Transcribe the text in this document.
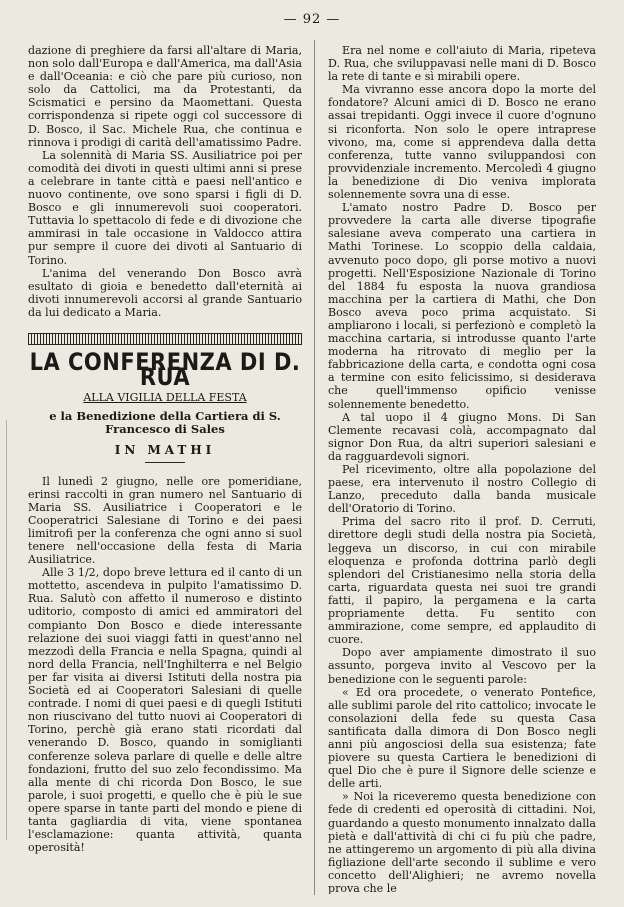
— 92 —

dazione di preghiere da farsi all'altare di Maria, non solo dall'Europa e dall'America, ma dall'Asia e dall'Oceania: e ciò che pare più curioso, non solo da Cattolici, ma da Protestanti, da Scismatici e persino da Maomettani. Questa corrispondenza si ripete oggi col successore di D. Bosco, il Sac. Michele Rua, che continua e rinnova i prodigi di carità dell'amatissimo Padre.

La solennità di Maria SS. Ausiliatrice poi per comodità dei divoti in questi ultimi anni si prese a celebrare in tante città e paesi nell'antico e nuovo continente, ove sono sparsi i figli di D. Bosco e gli innumerevoli suoi cooperatori. Tuttavia lo spettacolo di fede e di divozione che ammirasi in tale occasione in Valdocco attira pur sempre il cuore dei divoti al Santuario di Torino.

L'anima del venerando Don Bosco avrà esultato di gioia e benedetto dall'eternità ai divoti innumerevoli accorsi al grande Santuario da lui dedicato a Maria.

LA CONFERENZA DI D. RUA
ALLA VIGILIA DELLA FESTA
e la Benedizione della Cartiera di S. Francesco di Sales
IN MATHI

Il lunedì 2 giugno, nelle ore pomeridiane, erinsi raccolti in gran numero nel Santuario di Maria SS. Ausiliatrice i Cooperatori e le Cooperatrici Salesiane di Torino e dei paesi limitrofi per la conferenza che ogni anno si suol tenere nell'occasione della festa di Maria Ausiliatrice.

Alle 3 1/2, dopo breve lettura ed il canto di un mottetto, ascendeva in pulpito l'amatissimo D. Rua. Salutò con affetto il numeroso e distinto uditorio, composto di amici ed ammiratori del compianto Don Bosco e diede interessante relazione dei suoi viaggi fatti in quest'anno nel mezzodì della Francia e nella Spagna, quindi al nord della Francia, nell'Inghilterra e nel Belgio per far visita ai diversi Istituti della nostra pia Società ed ai Cooperatori Salesiani di quelle contrade. I nomi di quei paesi e di quegli Istituti non riuscivano del tutto nuovi ai Cooperatori di Torino, perchè già erano stati ricordati dal venerando D. Bosco, quando in somiglianti conferenze soleva parlare di quelle e delle altre fondazioni, frutto del suo zelo fecondissimo. Ma alla mente di chi ricorda Don Bosco, le sue parole, i suoi progetti, e quello che è più le sue opere sparse in tante parti del mondo e piene di tanta gagliardia di vita, viene spontanea l'esclamazione: quanta attività, quanta operosità!

Era nel nome e coll'aiuto di Maria, ripeteva D. Rua, che sviluppavasi nelle mani di D. Bosco la rete di tante e sì mirabili opere.

Ma vivranno esse ancora dopo la morte del fondatore? Alcuni amici di D. Bosco ne erano assai trepidanti. Oggi invece il cuore d'ognuno si riconforta. Non solo le opere intraprese vivono, ma, come si apprendeva dalla detta conferenza, tutte vanno sviluppandosi con provvidenziale incremento. Mercoledì 4 giugno la benedizione di Dio veniva implorata solennemente sovra una di esse.

L'amato nostro Padre D. Bosco per provvedere la carta alle diverse tipografie salesiane aveva comperato una cartiera in Mathi Torinese. Lo scoppio della caldaia, avvenuto poco dopo, gli porse motivo a nuovi progetti. Nell'Esposizione Nazionale di Torino del 1884 fu esposta la nuova grandiosa macchina per la cartiera di Mathi, che Don Bosco aveva poco prima acquistato. Si ampliarono i locali, si perfezionò e completò la macchina cartaria, si introdusse quanto l'arte moderna ha ritrovato di meglio per la fabbricazione della carta, e condotta ogni cosa a termine con esito felicissimo, si desiderava che quell'immenso opificio venisse solennemente benedetto.

A tal uopo il 4 giugno Mons. Di San Clemente recavasi colà, accompagnato dal signor Don Rua, da altri superiori salesiani e da ragguardevoli signori.

Pel ricevimento, oltre alla popolazione del paese, era intervenuto il nostro Collegio di Lanzo, preceduto dalla banda musicale dell'Oratorio di Torino.

Prima del sacro rito il prof. D. Cerruti, direttore degli studi della nostra pia Società, leggeva un discorso, in cui con mirabile eloquenza e profonda dottrina parlò degli splendori del Cristianesimo nella storia della carta, riguardata questa nei suoi tre grandi fatti, il papiro, la pergamena e la carta propriamente detta. Fu sentito con ammirazione, come sempre, ed applaudito di cuore.

Dopo aver ampiamente dimostrato il suo assunto, porgeva invito al Vescovo per la benedizione con le seguenti parole:

« Ed ora procedete, o venerato Pontefice, alle sublimi parole del rito cattolico; invocate le consolazioni della fede su questa Casa santificata dalla dimora di Don Bosco negli anni più angosciosi della sua esistenza; fate piovere su questa Cartiera le benedizioni di quel Dio che è pure il Signore delle scienze e delle arti.

» Noi la riceveremo questa benedizione con fede di credenti ed operosità di cittadini. Noi, guardando a questo monumento innalzato dalla pietà e dall'attività di chi ci fu più che padre, ne attingeremo un argomento di più alla divina figliazione dell'arte secondo il sublime e vero concetto dell'Alighieri; ne avremo novella prova che le
